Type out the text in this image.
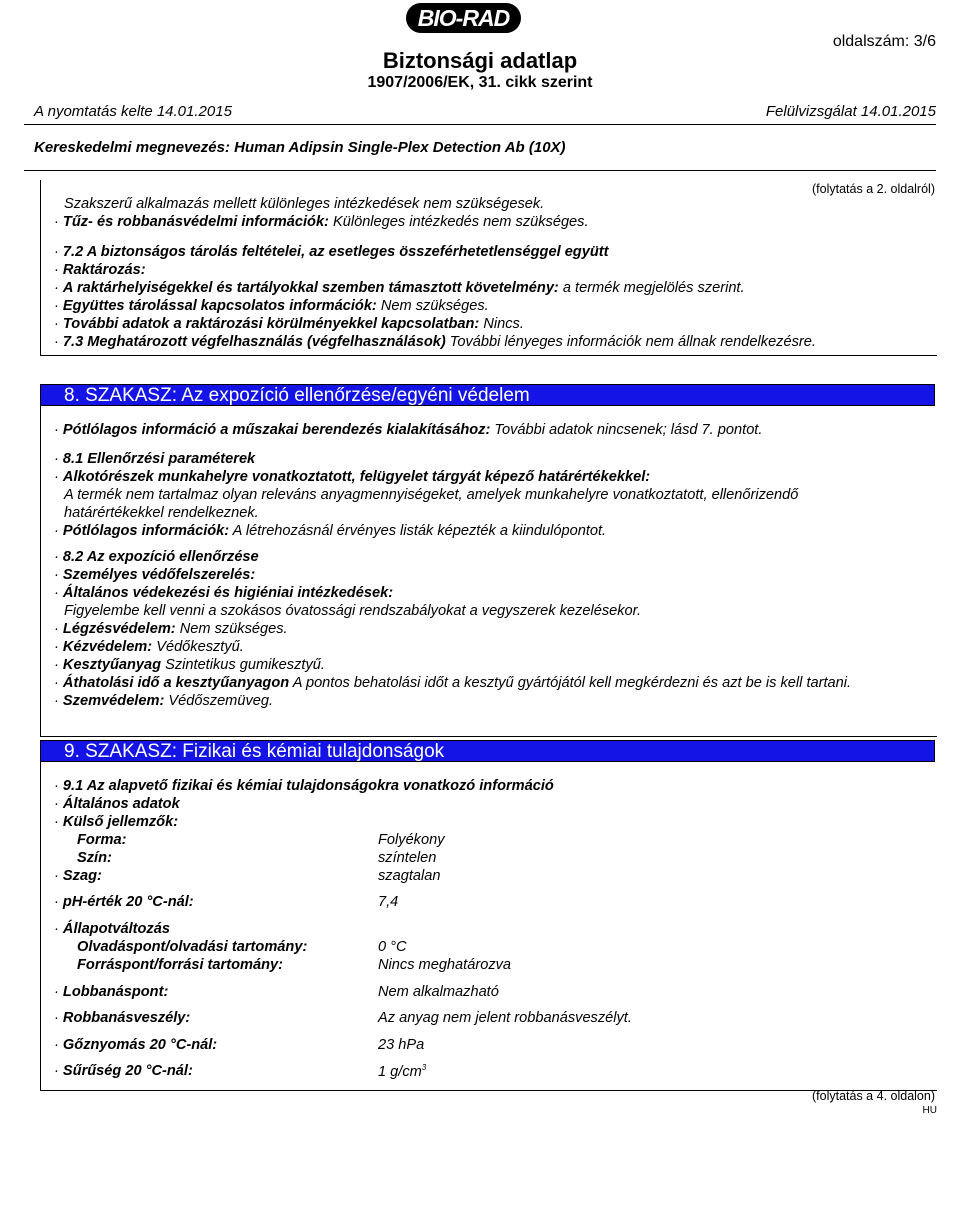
BIO-RAD
Biztonsági adatlap
1907/2006/EK, 31. cikk szerint
oldalszám: 3/6
A nyomtatás kelte 14.01.2015	Felülvizsgálat 14.01.2015
Kereskedelmi megnevezés: Human Adipsin Single-Plex Detection Ab (10X)
(folytatás a 2. oldalról)
Szakszerű alkalmazás mellett különleges intézkedések nem szükségesek.
· Tűz- és robbanásvédelmi információk: Különleges intézkedés nem szükséges.
· 7.2 A biztonságos tárolás feltételei, az esetleges összeférhetetlenséggel együtt
· Raktározás:
· A raktárhelyiségekkel és tartályokkal szemben támasztott követelmény: a termék megjelölés szerint.
· Együttes tárolással kapcsolatos információk: Nem szükséges.
· További adatok a raktározási körülményekkel kapcsolatban: Nincs.
· 7.3 Meghatározott végfelhasználás (végfelhasználások) További lényeges információk nem állnak rendelkezésre.
8. SZAKASZ: Az expozíció ellenőrzése/egyéni védelem
· Pótlólagos információ a műszakai berendezés kialakításához: További adatok nincsenek; lásd 7. pontot.
· 8.1 Ellenőrzési paraméterek
· Alkotórészek munkahelyre vonatkoztatott, felügyelet tárgyát képező határértékekkel:
A termék nem tartalmaz olyan releváns anyagmennyiségeket, amelyek munkahelyre vonatkoztatott, ellenőrizendő
határértékekkel rendelkeznek.
· Pótlólagos információk: A létrehozásnál érvényes listák képezték a kiindulópontot.
· 8.2 Az expozíció ellenőrzése
· Személyes védőfelszerelés:
· Általános védekezési és higiéniai intézkedések:
Figyelembe kell venni a szokásos óvatossági rendszabályokat a vegyszerek kezelésekor.
· Légzésvédelem: Nem szükséges.
· Kézvédelem: Védőkesztyű.
· Kesztyűanyag Szintetikus gumikesztyű.
· Áthatolási idő a kesztyűanyagon A pontos behatolási időt a kesztyű gyártójától kell megkérdezni és azt be is kell tartani.
· Szemvédelem: Védőszemüveg.
9. SZAKASZ: Fizikai és kémiai tulajdonságok
· 9.1 Az alapvető fizikai és kémiai tulajdonságokra vonatkozó információ
· Általános adatok
· Külső jellemzők:
Forma:	Folyékony
Szín:	színtelen
· Szag:	szagtalan
· pH-érték 20 °C-nál:	7,4
· Állapotváltozás
Olvadáspont/olvadási tartomány:	0 °C
Forráspont/forrási tartomány:	Nincs meghatározva
· Lobbanáspont:	Nem alkalmazható
· Robbanásveszély:	Az anyag nem jelent robbanásveszélyt.
· Gőznyomás 20 °C-nál:	23 hPa
· Sűrűség 20 °C-nál:	1 $g/cm^3$
(folytatás a 4. oldalon)
HU
